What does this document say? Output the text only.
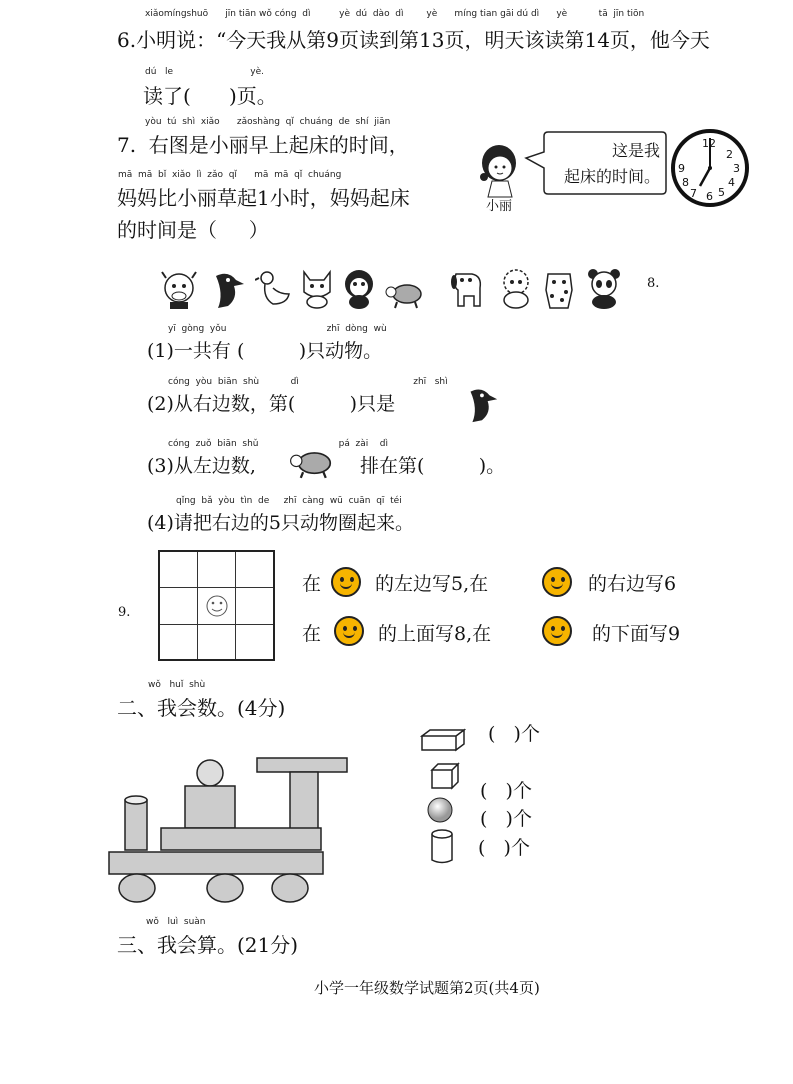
xiǎomíngshuō      jīn tiān wǒ cóng  dì          yè  dú  dào  dì        yè      míng tian gāi dú dì      yè           tā  jīn tiōn
6.小明说：“今天我从第9页读到第13页，明天该读第14页，他今天
dú   le                           yè.
读了(      )页。
yòu  tú  shì  xiǎo      zǎoshàng  qǐ  chuáng  de  shí  jiān
7.  右图是小丽早上起床的时间，
mā  mā  bǐ  xiǎo  lì  zǎo  qǐ      mā  mā  qǐ  chuáng
妈妈比小丽草起1小时，妈妈起床
的时间是（     ）
小丽
这是我
起床的时间。
12
2
3
4
5
6
7
8
9
8.
yī  gòng  yǒu                                   zhī  dòng  wù
(1)一共有 (         )只动物。
cóng  yòu  biān  shù           dì                                        zhī   shì
(2)从右边数，第(         )只是
cóng  zuǒ  biān  shǔ                            pá  zài    dì
(3)从左边数,	排在第(         )。
qǐng  bǎ  yòu  tìn  de     zhī  càng  wū  cuān  qī  téi
(4)请把右边的5只动物圈起来。
9.
在	的左边写5,在	的右边写6
在	的上面写8,在	的下面写9
wǒ   huǐ  shù
二、我会数。(4分)
(   )个
(   )个
(   )个
(   )个
wǒ   luì  suàn
三、我会算。(21分)
小学一年级数学试题第2页(共4页)
